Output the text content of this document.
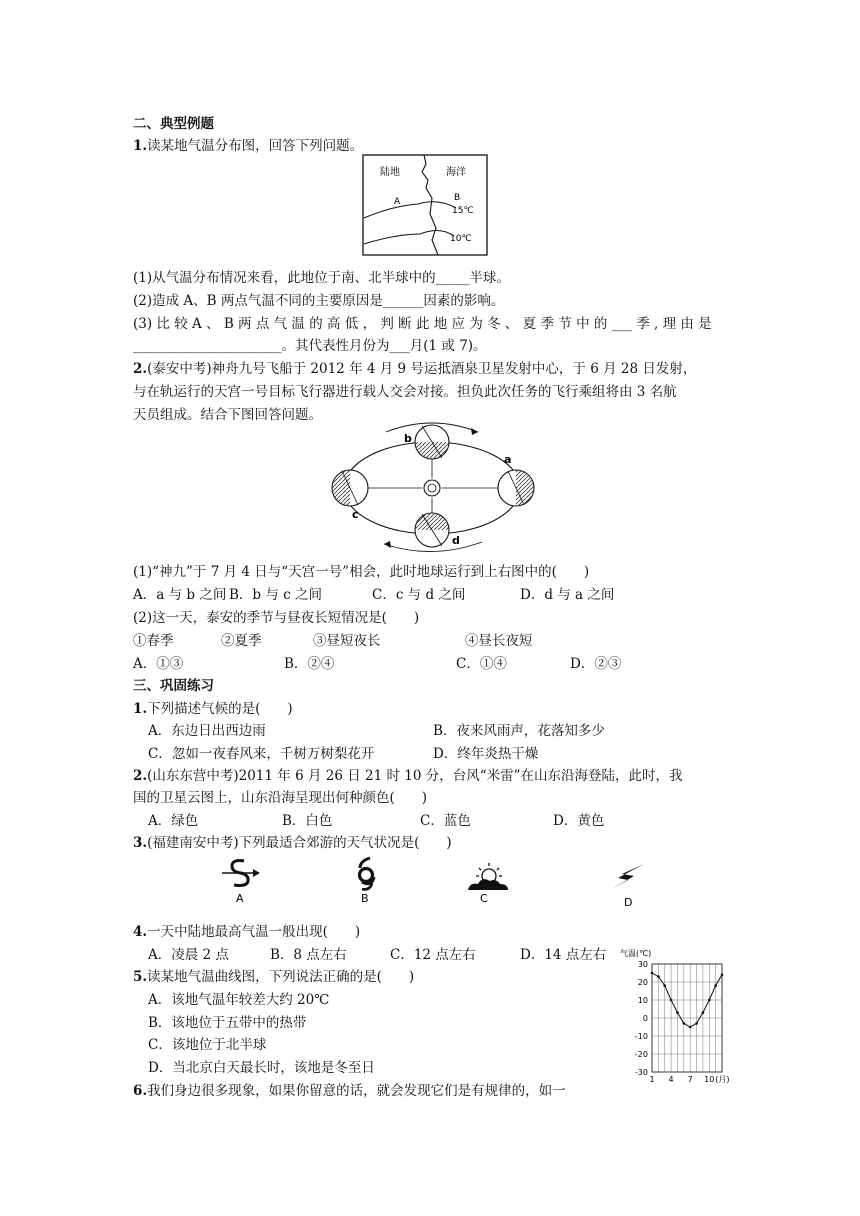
二、典型例题
1.读某地气温分布图，回答下列问题。
陆地	海洋
A	B
15℃
10℃
(1)从气温分布情况来看，此地位于南、北半球中的_____半球。
(2)造成 A、B 两点气温不同的主要原因是______因素的影响。
(3) 比 较 A 、 B 两 点 气 温 的 高 低 ， 判 断 此 地 应 为 冬 、 夏 季 节 中 的 ___ 季 , 理 由 是
______________________。其代表性月份为___月(1 或 7)。
2.(泰安中考)神舟九号飞船于 2012 年 4 月 9 号运抵酒泉卫星发射中心，于 6 月 28 日发射，
与在轨运行的天宫一号目标飞行器进行载人交会对接。担负此次任务的飞行乘组将由 3 名航
天员组成。结合下图回答问题。
b
a
c
d
(1)“神九”于 7 月 4 日与“天宫一号”相会，此时地球运行到上右图中的(　　)
A．a 与 b 之间 B．b 与 c 之间	C．c 与 d 之间	D．d 与 a 之间
(2)这一天，泰安的季节与昼夜长短情况是(　　)
①春季	②夏季	③昼短夜长	④昼长夜短
A．①③	B．②④	C．①④	D．②③
三、巩固练习
1.下列描述气候的是(　　)
A．东边日出西边雨	B．夜来风雨声，花落知多少
C．忽如一夜春风来，千树万树梨花开	D．终年炎热干燥
2.(山东东营中考)2011 年 6 月 26 日 21 时 10 分，台风“米雷”在山东沿海登陆，此时，我
国的卫星云图上，山东沿海呈现出何种颜色(　　)
A．绿色	B．白色	C．蓝色	D．黄色
3.(福建南安中考)下列最适合郊游的天气状况是(　　)
A	B	C	D
4.一天中陆地最高气温一般出现(　　)
A．凌晨 2 点	B．8 点左右	C．12 点左右	D．14 点左右
5.读某地气温曲线图，下列说法正确的是(　　)
A．该地气温年较差大约 20℃
B．该地位于五带中的热带
C．该地位于北半球
D．当北京白天最长时，该地是冬至日
6.我们身边很多现象，如果你留意的话，就会发现它们是有规律的，如一
气温(℃)
30
20
10
0
-10
-20
-30
1 4 7 10 (月)
